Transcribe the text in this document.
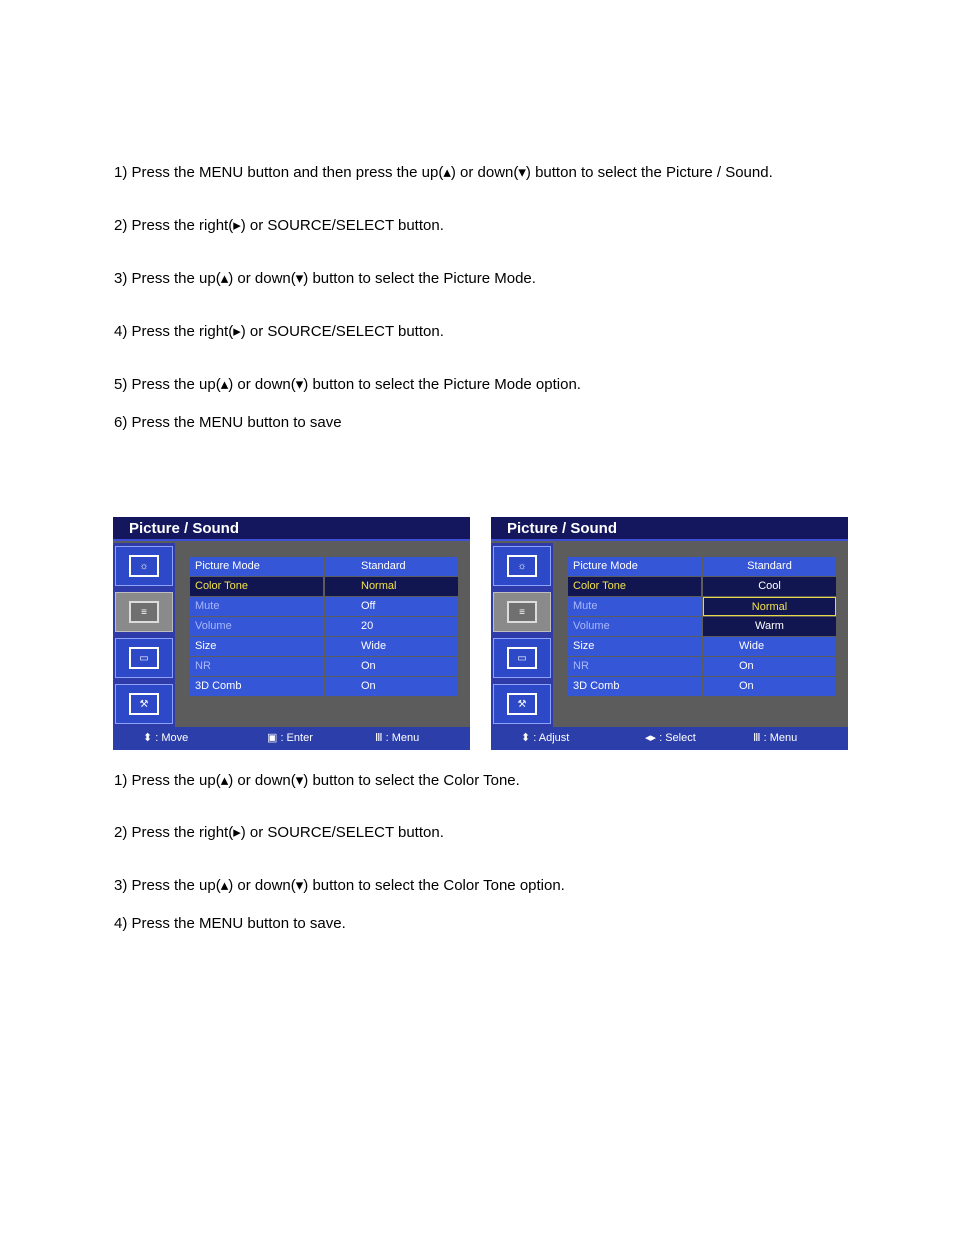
1) Press the MENU button and then press the up(▴) or down(▾) button to select the Picture / Sound.

2) Press the right(▸) or SOURCE/SELECT button.

3) Press the up(▴) or down(▾) button to select the Picture Mode.

4) Press the right(▸) or SOURCE/SELECT button.

5) Press the up(▴) or down(▾) button to select the Picture Mode option.

6) Press the MENU button to save

Picture / Sound
☼
≡
▭
⚒
Picture Mode	Standard
Color Tone	Normal
Mute	Off
Volume	20
Size	Wide
NR	On
3D Comb	On
⬍ : Move	▣ : Enter	Ⅲ : Menu
Picture / Sound
☼
≡
▭
⚒
Picture Mode	Standard
Color Tone	Cool
Mute	Normal
Volume	Warm
Size	Wide
NR	On
3D Comb	On
⬍ : Adjust	◂▸ : Select	Ⅲ : Menu

1) Press the up(▴) or down(▾) button to select the Color Tone.

2) Press the right(▸) or SOURCE/SELECT button.

3) Press the up(▴) or down(▾) button to select the Color Tone option.

4) Press the MENU button to save.
